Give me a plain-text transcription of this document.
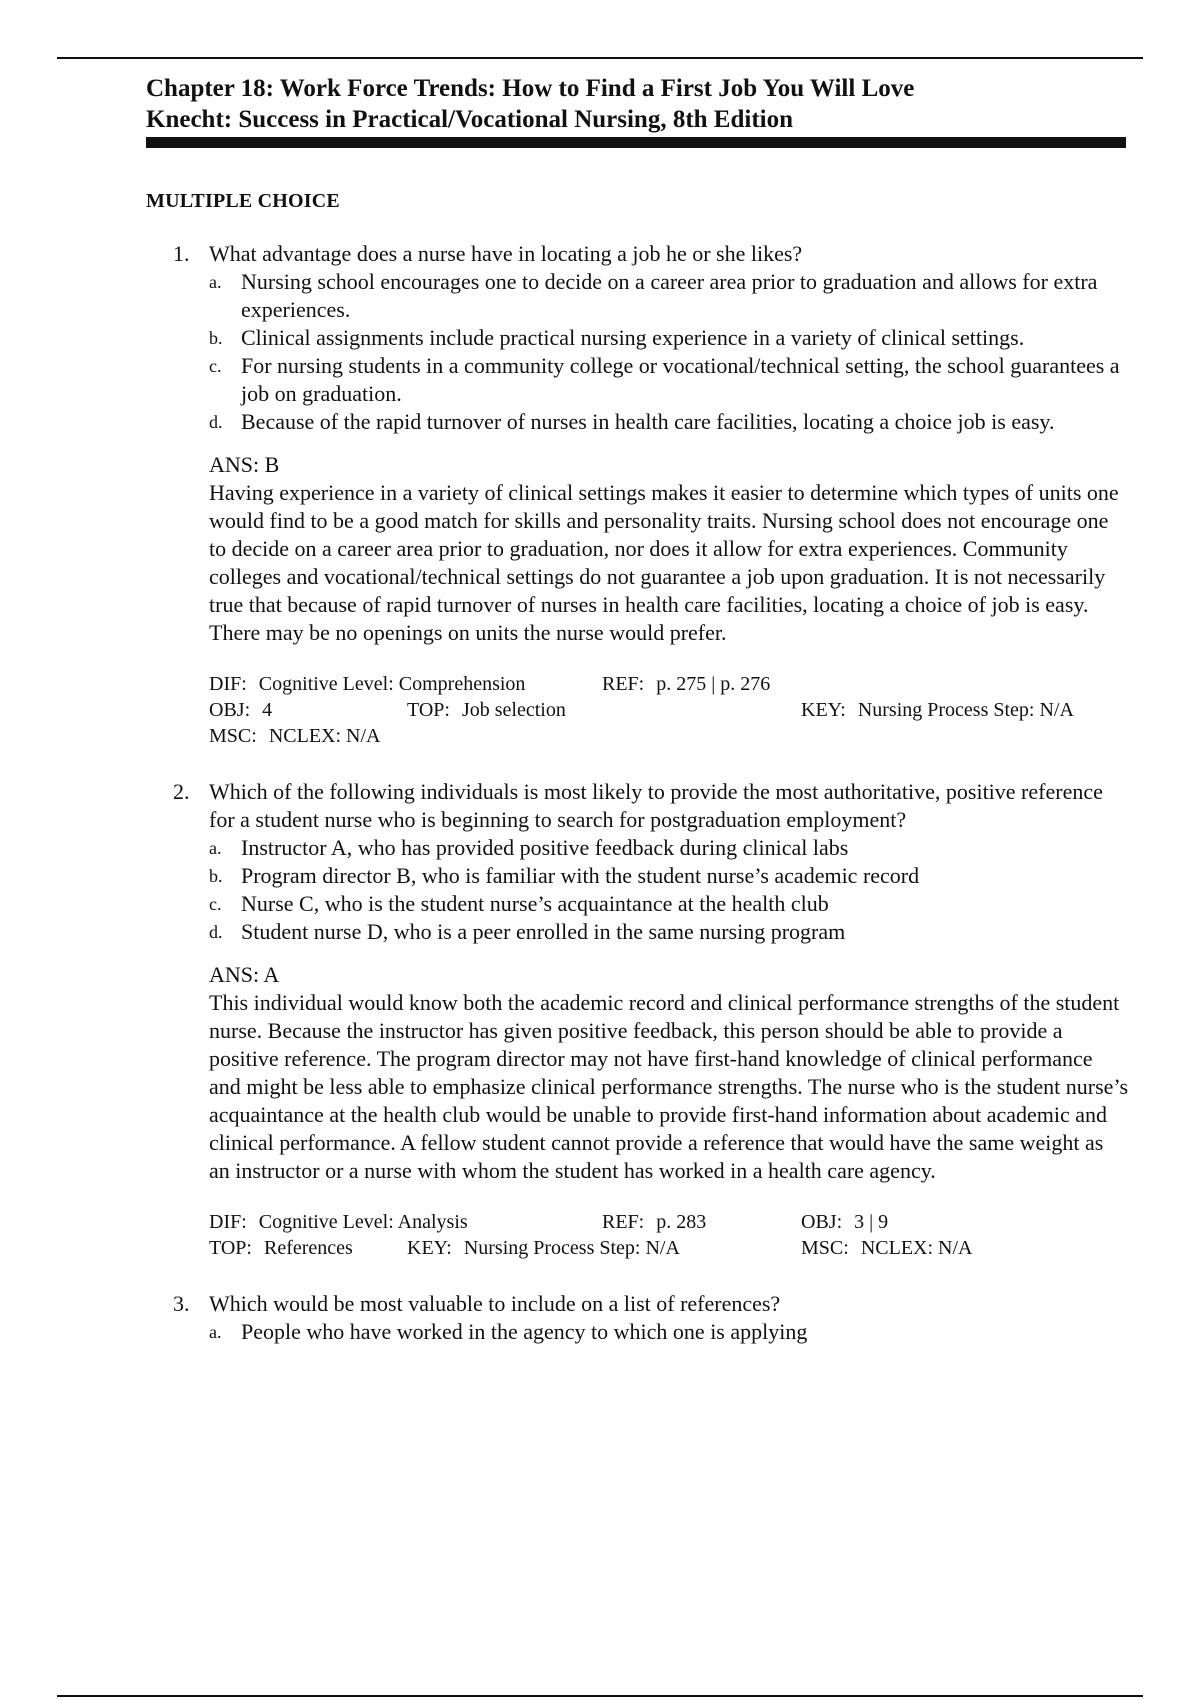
Chapter 18: Work Force Trends: How to Find a First Job You Will Love
Knecht: Success in Practical/Vocational Nursing, 8th Edition
MULTIPLE CHOICE
1. What advantage does a nurse have in locating a job he or she likes?
a. Nursing school encourages one to decide on a career area prior to graduation and allows for extra experiences.
b. Clinical assignments include practical nursing experience in a variety of clinical settings.
c. For nursing students in a community college or vocational/technical setting, the school guarantees a job on graduation.
d. Because of the rapid turnover of nurses in health care facilities, locating a choice job is easy.
ANS: B
Having experience in a variety of clinical settings makes it easier to determine which types of units one would find to be a good match for skills and personality traits. Nursing school does not encourage one to decide on a career area prior to graduation, nor does it allow for extra experiences. Community colleges and vocational/technical settings do not guarantee a job upon graduation. It is not necessarily true that because of rapid turnover of nurses in health care facilities, locating a choice of job is easy. There may be no openings on units the nurse would prefer.
DIF: Cognitive Level: Comprehension	REF: p. 275 | p. 276
OBJ: 4	TOP: Job selection	KEY: Nursing Process Step: N/A
MSC: NCLEX: N/A
2. Which of the following individuals is most likely to provide the most authoritative, positive reference for a student nurse who is beginning to search for postgraduation employment?
a. Instructor A, who has provided positive feedback during clinical labs
b. Program director B, who is familiar with the student nurse’s academic record
c. Nurse C, who is the student nurse’s acquaintance at the health club
d. Student nurse D, who is a peer enrolled in the same nursing program
ANS: A
This individual would know both the academic record and clinical performance strengths of the student nurse. Because the instructor has given positive feedback, this person should be able to provide a positive reference. The program director may not have first-hand knowledge of clinical performance and might be less able to emphasize clinical performance strengths. The nurse who is the student nurse’s acquaintance at the health club would be unable to provide first-hand information about academic and clinical performance. A fellow student cannot provide a reference that would have the same weight as an instructor or a nurse with whom the student has worked in a health care agency.
DIF: Cognitive Level: Analysis	REF: p. 283	OBJ: 3 | 9
TOP: References	KEY: Nursing Process Step: N/A	MSC: NCLEX: N/A
3. Which would be most valuable to include on a list of references?
a. People who have worked in the agency to which one is applying
